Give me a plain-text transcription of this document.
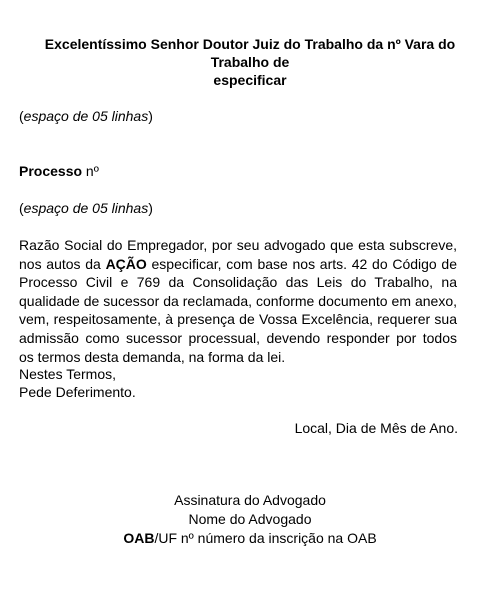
Excelentíssimo Senhor Doutor Juiz do Trabalho da nº Vara do Trabalho de
especificar
(espaço de 05 linhas)
Processo nº
(espaço de 05 linhas)
Razão Social do Empregador, por seu advogado que esta subscreve, nos autos da AÇÃO especificar, com base nos arts. 42 do Código de Processo Civil e 769 da Consolidação das Leis do Trabalho, na qualidade de sucessor da reclamada, conforme documento em anexo, vem, respeitosamente, à presença de Vossa Excelência, requerer sua admissão como sucessor processual, devendo responder por todos os termos desta demanda, na forma da lei.
Nestes Termos,
Pede Deferimento.
Local, Dia de Mês de Ano.
Assinatura do Advogado
Nome do Advogado
OAB/UF nº número da inscrição na OAB
